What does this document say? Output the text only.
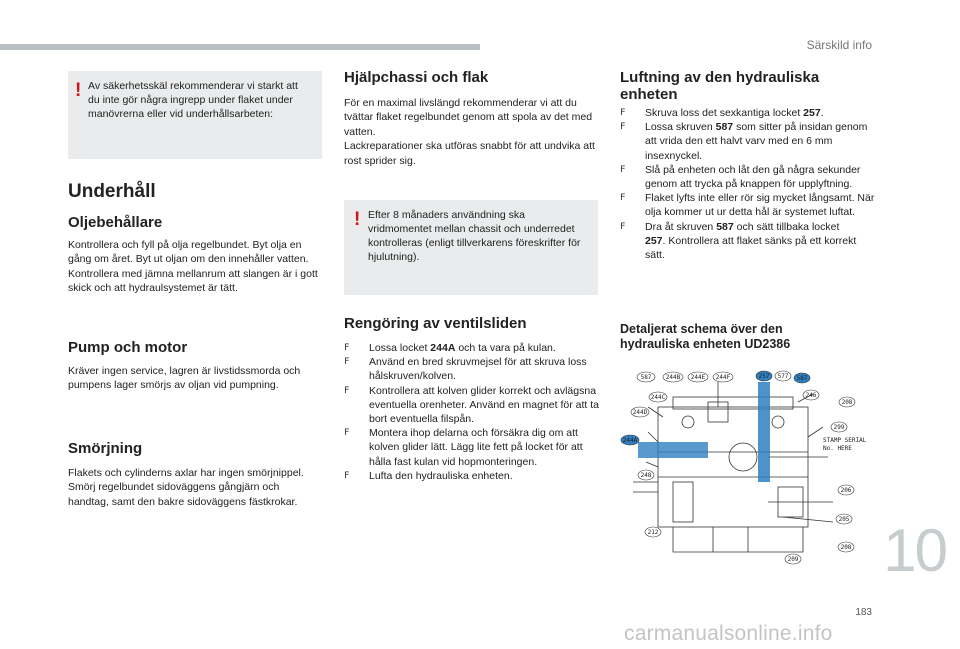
Särskild info
! Av säkerhetsskäl rekommenderar vi starkt att du inte gör några ingrepp under flaket under manövrerna eller vid underhållsarbeten:
Underhåll
Oljebehållare
Kontrollera och fyll på olja regelbundet. Byt olja en gång om året. Byt ut oljan om den innehåller vatten.
Kontrollera med jämna mellanrum att slangen är i gott skick och att hydraulsystemet är tätt.
Pump och motor
Kräver ingen service, lagren är livstidssmorda och pumpens lager smörjs av oljan vid pumpning.
Smörjning
Flakets och cylinderns axlar har ingen smörjnippel. Smörj regelbundet sidoväggens gångjärn och handtag, samt den bakre sidoväggens fästkrokar.
Hjälpchassi och flak
För en maximal livslängd rekommenderar vi att du tvättar flaket regelbundet genom att spola av det med vatten.
Lackreparationer ska utföras snabbt för att undvika att rost sprider sig.
! Efter 8 månaders användning ska vridmomentet mellan chassit och underredet kontrolleras (enligt tillverkarens föreskrifter för hjulutning).
Rengöring av ventilsliden
F Lossa locket 244A och ta vara på kulan.
F Använd en bred skruvmejsel för att skruva loss hålskruven/kolven.
F Kontrollera att kolven glider korrekt och avlägsna eventuella orenheter. Använd en magnet för att ta bort eventuella filspån.
F Montera ihop delarna och försäkra dig om att kolven glider lätt. Lägg lite fett på locket för att hålla fast kulan vid hopmonteringen.
F Lufta den hydrauliska enheten.
Luftning av den hydrauliska enheten
F Skruva loss det sexkantiga locket 257.
F Lossa skruven 587 som sitter på insidan genom att vrida den ett halvt varv med en 6 mm insexnyckel.
F Slå på enheten och låt den gå några sekunder genom att trycka på knappen för upplyftning.
F Flaket lyfts inte eller rör sig mycket långsamt. När olja kommer ut ur detta hål är systemet luftat.
F Dra åt skruven 587 och sätt tillbaka locket
257. Kontrollera att flaket sänks på ett korrekt sätt.
Detaljerat schema över den hydrauliska enheten UD2386
587 244B 244E 244F	257 577 587
244C
244D
244A
248
246
208
299
206
205
208
212
209
STAMP SERIAL
No. HERE
10
183
carmanualsonline.info
